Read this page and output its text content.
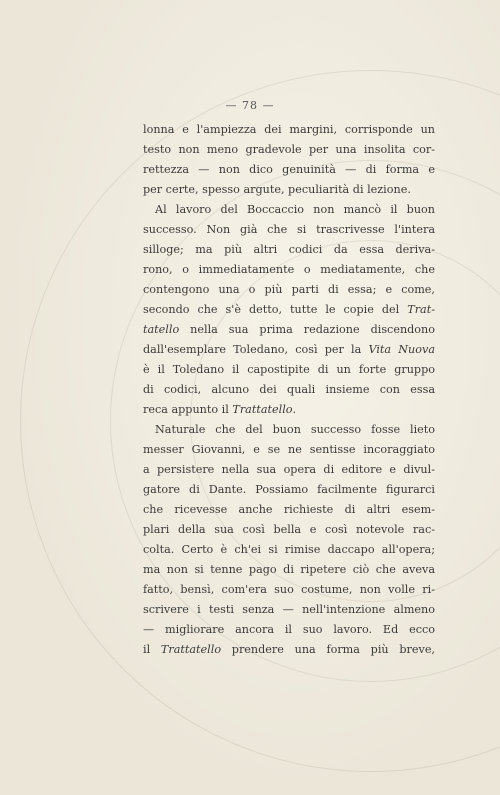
— 78 —
lonna e l'ampiezza dei margini, corrisponde un
testo non meno gradevole per una insolita cor-
rettezza — non dico genuinità — di forma e
per certe, spesso argute, peculiarità di lezione.
Al lavoro del Boccaccio non mancò il buon
successo. Non già che si trascrivesse l'intera
silloge; ma più altri codici da essa deriva-
rono, o immediatamente o mediatamente, che
contengono una o più parti di essa; e come,
secondo che s'è detto, tutte le copie del Trat-
tatello nella sua prima redazione discendono
dall'esemplare Toledano, così per la Vita Nuova
è il Toledano il capostipite di un forte gruppo
di codici, alcuno dei quali insieme con essa
reca appunto il Trattatello.
Naturale che del buon successo fosse lieto
messer Giovanni, e se ne sentisse incoraggiato
a persistere nella sua opera di editore e divul-
gatore di Dante. Possiamo facilmente figurarci
che ricevesse anche richieste di altri esem-
plari della sua così bella e così notevole rac-
colta. Certo è ch'ei si rimise daccapo all'opera;
ma non si tenne pago di ripetere ciò che aveva
fatto, bensì, com'era suo costume, non volle ri-
scrivere i testi senza — nell'intenzione almeno
— migliorare ancora il suo lavoro. Ed ecco
il Trattatello prendere una forma più breve,
